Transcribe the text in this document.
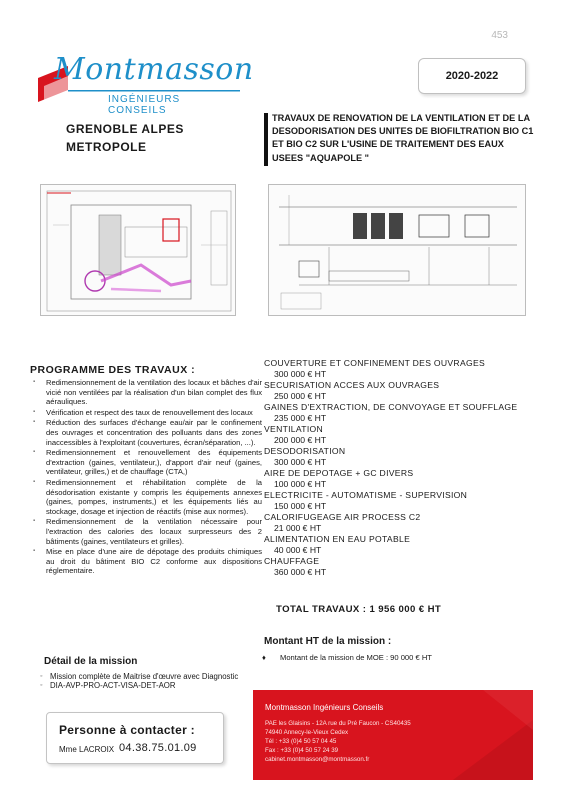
453
Montmasson
INGÉNIEURS CONSEILS
2020-2022
GRENOBLE ALPES
METROPOLE
TRAVAUX DE RENOVATION DE LA VENTILATION ET DE LA DESODORISATION DES UNITES DE BIOFILTRATION BIO C1 ET BIO C2 SUR L'USINE DE TRAITEMENT DES EAUX USEES "AQUAPOLE "
PROGRAMME DES TRAVAUX :
▪ Redimensionnement de la ventilation des locaux et bâches d'air vicié non ventilées par la réalisation d'un bilan complet des flux aérauliques.
▪ Vérification et respect des taux de renouvellement des locaux
▪ Réduction des surfaces d'échange eau/air par le confinement des ouvrages et concentration des polluants dans des zones inaccessibles à l'exploitant (couvertures, écran/séparation, ...).
▪ Redimensionnement et renouvellement des équipements d'extraction (gaines, ventilateur,), d'apport d'air neuf (gaines, ventilateur, grilles,) et de chauffage (CTA,)
▪ Redimensionnement et réhabilitation complète de la désodorisation existante y compris les équipements annexes (gaines, pompes, instruments,) et les équipements liés au stockage, dosage et injection de réactifs (mise aux normes).
▪ Redimensionnement de la ventilation nécessaire pour l'extraction des calories des locaux surpresseurs des 2 bâtiments (gaines, ventilateurs et grilles).
▪ Mise en place d'une aire de dépotage des produits chimiques au droit du bâtiment BIO C2 conforme aux dispositions réglementaire.
COUVERTURE ET CONFINEMENT DES OUVRAGES
300 000 € HT
SECURISATION ACCES AUX OUVRAGES
250 000 € HT
GAINES D'EXTRACTION, DE CONVOYAGE ET SOUFFLAGE
235 000 € HT
VENTILATION
200 000 € HT
DESODORISATION
300 000 € HT
AIRE DE DEPOTAGE + GC DIVERS
100 000 € HT
ELECTRICITE - AUTOMATISME - SUPERVISION
150 000 € HT
CALORIFUGEAGE AIR PROCESS C2
21 000 € HT
ALIMENTATION EN EAU POTABLE
40 000 € HT
CHAUFFAGE
360 000 € HT
TOTAL TRAVAUX : 1 956 000 € HT
Montant HT de la mission :
♦ Montant de la mission de MOE : 90 000 € HT
Détail de la mission
◦ Mission complète de Maitrise d'œuvre avec Diagnostic
◦ DIA-AVP-PRO-ACT-VISA-DET-AOR
Personne à contacter :
Mme LACROIX 04.38.75.01.09
Montmasson Ingénieurs Conseils
PAE les Glaisins - 12A rue du Pré Faucon - CS40435
74940 Annecy-le-Vieux Cedex
Tél : +33 (0)4 50 57 04 45
Fax : +33 (0)4 50 57 24 39
cabinet.montmasson@montmasson.fr
